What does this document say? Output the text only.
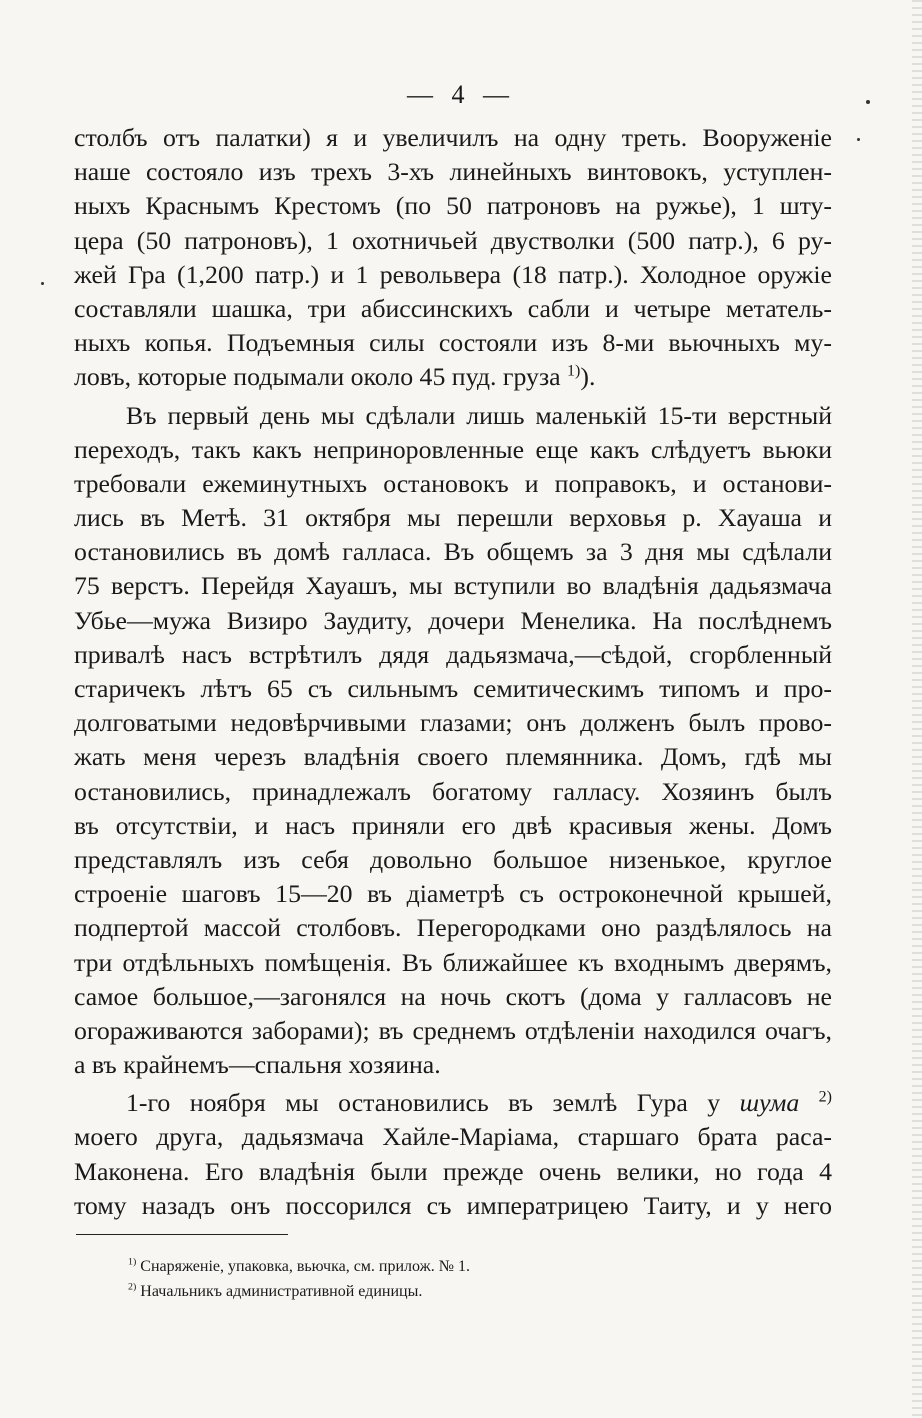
— 4 —
столбъ отъ палатки) я и увеличилъ на одну треть. Вооруженіе
наше состояло изъ трехъ 3-хъ линейныхъ винтовокъ, уступлен-
ныхъ Краснымъ Крестомъ (по 50 патроновъ на ружье), 1 шту-
цера (50 патроновъ), 1 охотничьей двустволки (500 патр.), 6 ру-
жей Гра (1,200 патр.) и 1 револьвера (18 патр.). Холодное оружіе
составляли шашка, три абиссинскихъ сабли и четыре метатель-
ныхъ копья. Подъемныя силы состояли изъ 8-ми вьючныхъ му-
ловъ, которые подымали около 45 пуд. груза $^{1)}$).
Въ первый день мы сдѣлали лишь маленькій 15-ти верстный
переходъ, такъ какъ неприноровленные еще какъ слѣдуетъ вьюки
требовали ежеминутныхъ остановокъ и поправокъ, и останови-
лись въ Метѣ. 31 октября мы перешли верховья р. Хауаша и
остановились въ домѣ галласа. Въ общемъ за 3 дня мы сдѣлали
75 верстъ. Перейдя Хауашъ, мы вступили во владѣнія дадьязмача
Убье—мужа Визиро Заудиту, дочери Менелика. На послѣднемъ
привалѣ насъ встрѣтилъ дядя дадьязмача,—сѣдой, сгорбленный
старичекъ лѣтъ 65 съ сильнымъ семитическимъ типомъ и про-
долговатыми недовѣрчивыми глазами; онъ долженъ былъ прово-
жать меня черезъ владѣнія своего племянника. Домъ, гдѣ мы
остановились, принадлежалъ богатому галласу. Хозяинъ былъ
въ отсутствіи, и насъ приняли его двѣ красивыя жены. Домъ
представлялъ изъ себя довольно большое низенькое, круглое
строеніе шаговъ 15—20 въ діаметрѣ съ остроконечной крышей,
подпертой массой столбовъ. Перегородками оно раздѣлялось на
три отдѣльныхъ помѣщенія. Въ ближайшее къ входнымъ дверямъ,
самое большое,—загонялся на ночь скотъ (дома у галласовъ не
огораживаются заборами); въ среднемъ отдѣленіи находился очагъ,
а въ крайнемъ—спальня хозяина.
1-го ноября мы остановились въ землѣ Гура у шума $^{2)}$
моего друга, дадьязмача Хайле-Маріама, старшаго брата раса-
Маконена. Его владѣнія были прежде очень велики, но года 4
тому назадъ онъ поссорился съ императрицею Таиту, и у него
$^{1)}$ Снаряженіе, упаковка, вьючка, см. прилож. № 1.
$^{2)}$ Начальникъ административной единицы.
